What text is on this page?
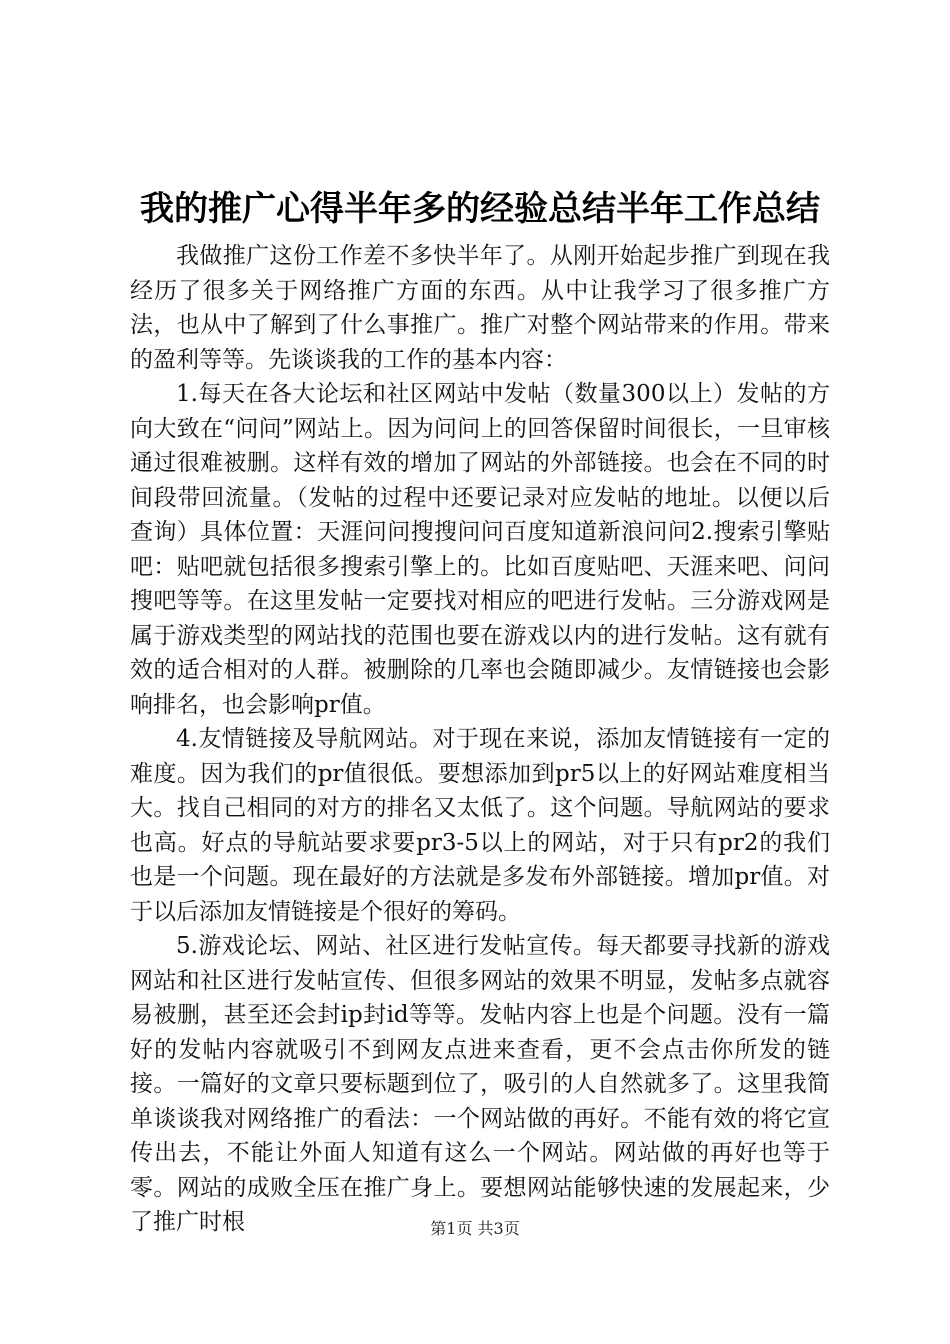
我的推广心得半年多的经验总结半年工作总结

我做推广这份工作差不多快半年了。从刚开始起步推广到现在我经历了很多关于网络推广方面的东西。从中让我学习了很多推广方法，也从中了解到了什么事推广。推广对整个网站带来的作用。带来的盈利等等。先谈谈我的工作的基本内容：

1.每天在各大论坛和社区网站中发帖（数量300以上）发帖的方向大致在“问问”网站上。因为问问上的回答保留时间很长，一旦审核通过很难被删。这样有效的增加了网站的外部链接。也会在不同的时间段带回流量。（发帖的过程中还要记录对应发帖的地址。以便以后查询）具体位置：天涯问问搜搜问问百度知道新浪问问2.搜索引擎贴吧：贴吧就包括很多搜索引擎上的。比如百度贴吧、天涯来吧、问问搜吧等等。在这里发帖一定要找对相应的吧进行发帖。三分游戏网是属于游戏类型的网站找的范围也要在游戏以内的进行发帖。这有就有效的适合相对的人群。被删除的几率也会随即减少。友情链接也会影响排名，也会影响pr值。

4.友情链接及导航网站。对于现在来说，添加友情链接有一定的难度。因为我们的pr值很低。要想添加到pr5以上的好网站难度相当大。找自己相同的对方的排名又太低了。这个问题。导航网站的要求也高。好点的导航站要求要pr3-5以上的网站，对于只有pr2的我们也是一个问题。现在最好的方法就是多发布外部链接。增加pr值。对于以后添加友情链接是个很好的筹码。

5.游戏论坛、网站、社区进行发帖宣传。每天都要寻找新的游戏网站和社区进行发帖宣传、但很多网站的效果不明显，发帖多点就容易被删，甚至还会封ip封id等等。发帖内容上也是个问题。没有一篇好的发帖内容就吸引不到网友点进来查看，更不会点击你所发的链接。一篇好的文章只要标题到位了，吸引的人自然就多了。这里我简单谈谈我对网络推广的看法：一个网站做的再好。不能有效的将它宣传出去，不能让外面人知道有这么一个网站。网站做的再好也等于零。网站的成败全压在推广身上。要想网站能够快速的发展起来，少了推广时根	第1页 共3页
